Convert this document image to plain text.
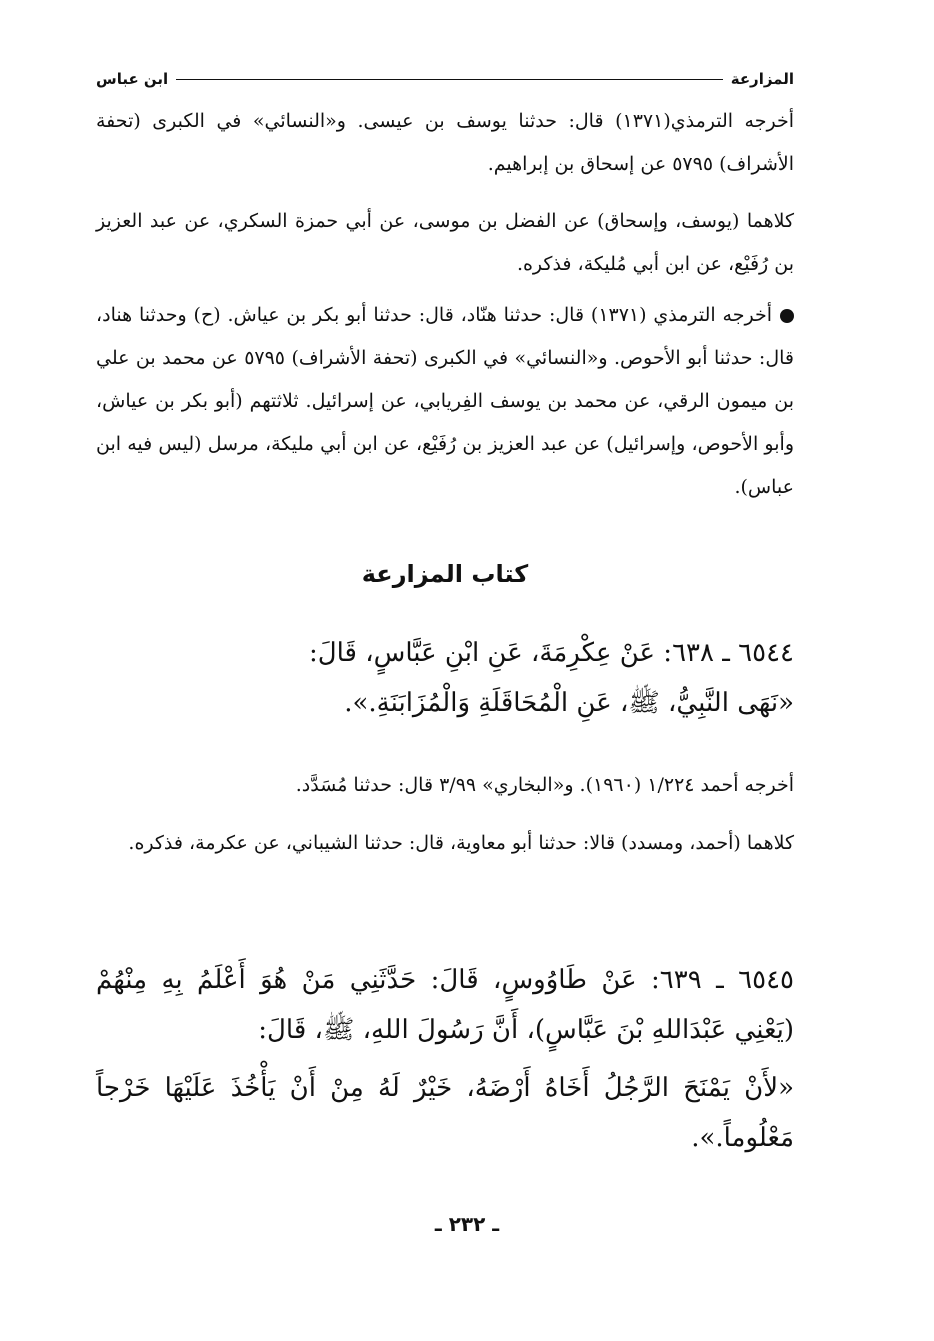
المزارعة
ابن عباس
أخرجه الترمذي(١٣٧١) قال: حدثنا يوسف بن عيسى. و«النسائي» في الكبرى (تحفة الأشراف) ٥٧٩٥ عن إسحاق بن إبراهيم.
كلاهما (يوسف، وإسحاق) عن الفضل بن موسى، عن أبي حمزة السكري، عن عبد العزيز بن رُفَيْع، عن ابن أبي مُليكة، فذكره.
أخرجه الترمذي (١٣٧١) قال: حدثنا هنّاد، قال: حدثنا أبو بكر بن عياش. (ح) وحدثنا هناد، قال: حدثنا أبو الأحوص. و«النسائي» في الكبرى (تحفة الأشراف) ٥٧٩٥ عن محمد بن علي بن ميمون الرقي، عن محمد بن يوسف الفِريابي، عن إسرائيل. ثلاثتهم (أبو بكر بن عياش، وأبو الأحوص، وإسرائيل) عن عبد العزيز بن رُفَيْع، عن ابن أبي مليكة، مرسل (ليس فيه ابن عباس).
كتاب المزارعة
٦٥٤٤ ـ ٦٣٨: عَنْ عِكْرِمَةَ، عَنِ ابْنِ عَبَّاسٍ، قَالَ:
«نَهَى النَّبِيُّ، ﷺ، عَنِ الْمُحَاقَلَةِ وَالْمُزَابَنَةِ.».
أخرجه أحمد ١/٢٢٤ (١٩٦٠). و«البخاري» ٣/٩٩ قال: حدثنا مُسَدَّد.
كلاهما (أحمد، ومسدد) قالا: حدثنا أبو معاوية، قال: حدثنا الشيباني، عن عكرمة، فذكره.
٦٥٤٥ ـ ٦٣٩: عَنْ طَاوُوسٍ، قَالَ: حَدَّثَنِي مَنْ هُوَ أَعْلَمُ بِهِ مِنْهُمْ (يَعْنِي عَبْدَاللهِ بْنَ عَبَّاسٍ)، أَنَّ رَسُولَ اللهِ، ﷺ، قَالَ:
«لأَنْ يَمْنَحَ الرَّجُلُ أَخَاهُ أَرْضَهُ، خَيْرٌ لَهُ مِنْ أَنْ يَأْخُذَ عَلَيْهَا خَرْجاً مَعْلُوماً.».
ـ ٢٣٢ ـ
